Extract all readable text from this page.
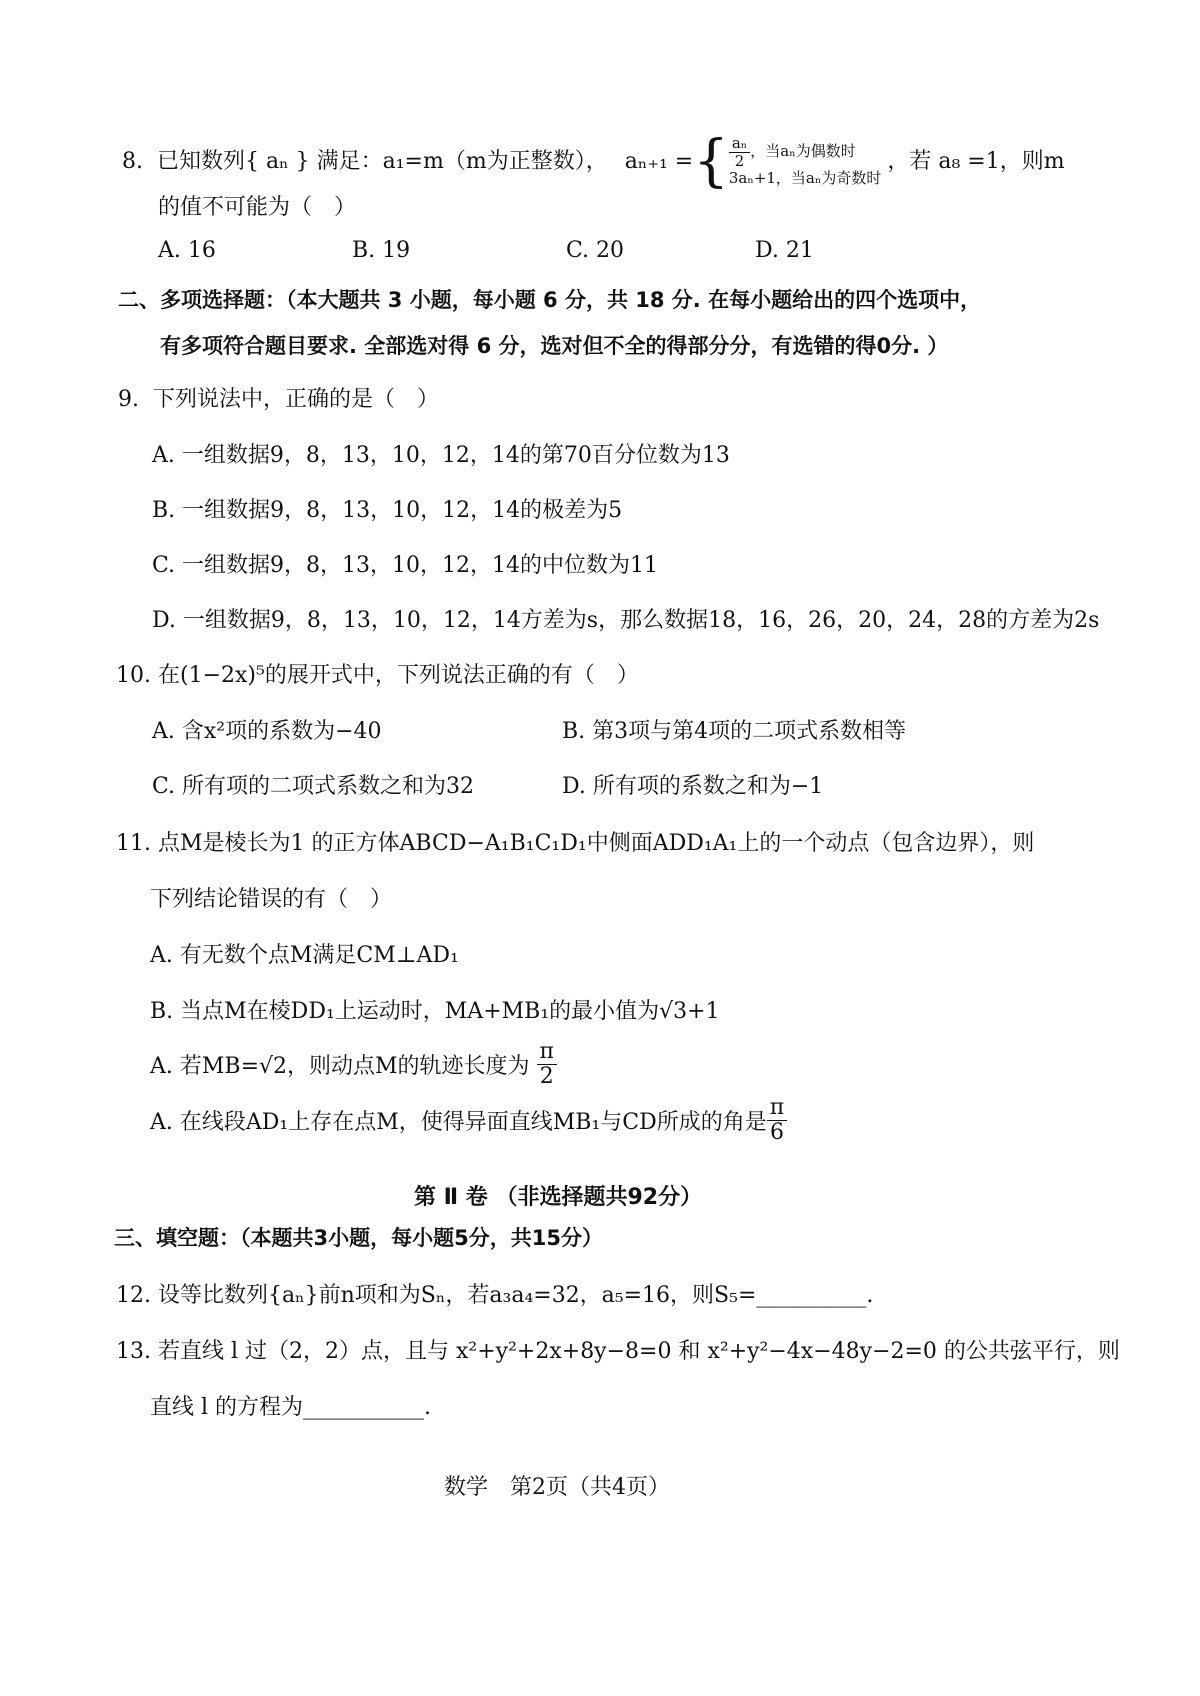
8. 已知数列{ aₙ } 满足：a₁=m（m为正整数）， aₙ₊₁ ={ $\frac{\text{aₙ}}{2}$ ，当aₙ为偶数时
3aₙ+1，当aₙ为奇数时
，若 a₈ =1，则m
的值不可能为（　）
A. 16	B. 19	C. 20	D. 21
二、多项选择题：（本大题共 3 小题，每小题 6 分，共 18 分. 在每小题给出的四个选项中，
有多项符合题目要求. 全部选对得 6 分，选对但不全的得部分分，有选错的得0分. ）
9. 下列说法中，正确的是（　）
A. 一组数据9，8，13，10，12，14的第70百分位数为13
B. 一组数据9，8，13，10，12，14的极差为5
C. 一组数据9，8，13，10，12，14的中位数为11
D. 一组数据9，8，13，10，12，14方差为s，那么数据18，16，26，20，24，28的方差为2s
10. 在(1−2x)⁵的展开式中，下列说法正确的有（　）
A. 含x²项的系数为−40	B. 第3项与第4项的二项式系数相等
C. 所有项的二项式系数之和为32	D. 所有项的系数之和为−1
11. 点M是棱长为1 的正方体ABCD−A₁B₁C₁D₁中侧面ADD₁A₁上的一个动点（包含边界），则
下列结论错误的有（　）
A. 有无数个点M满足CM⊥AD₁
B. 当点M在棱DD₁上运动时，MA+MB₁的最小值为√3+1
A. 若MB=√2，则动点M的轨迹长度为 $\frac{\pi}{2}$
A. 在线段AD₁上存在点M，使得异面直线MB₁与CD所成的角是 $\frac{\pi}{6}$
第 Ⅱ 卷 （非选择题共92分）
三、填空题：（本题共3小题，每小题5分，共15分）
12. 设等比数列{aₙ}前n项和为Sₙ，若a₃a₄=32，a₅=16，则S₅=__________.
13. 若直线 l 过（2，2）点，且与 x²+y²+2x+8y−8=0 和 x²+y²−4x−48y−2=0 的公共弦平行，则
直线 l 的方程为___________.
数学　第2页（共4页）
